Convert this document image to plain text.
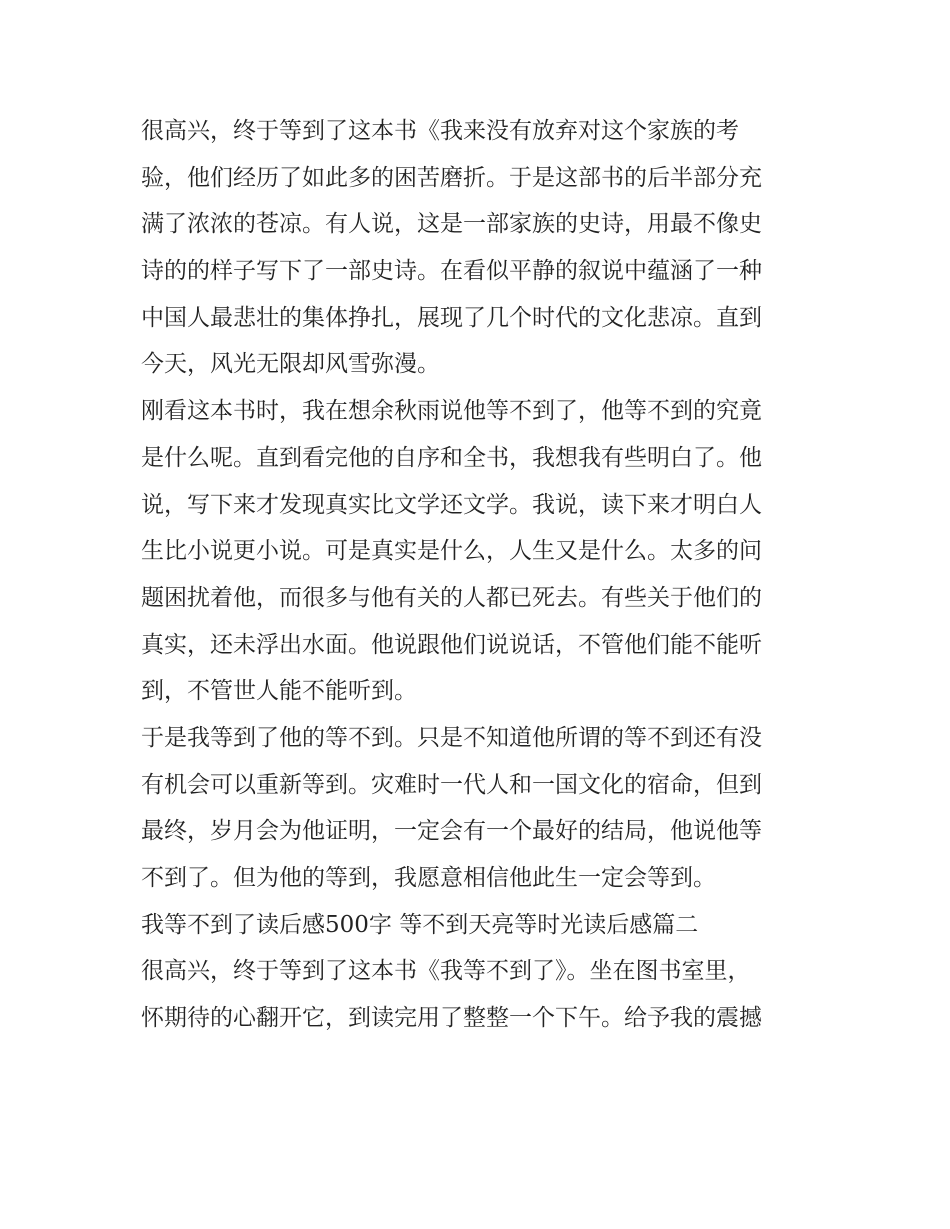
很高兴，终于等到了这本书《我来没有放弃对这个家族的考
验，他们经历了如此多的困苦磨折。于是这部书的后半部分充
满了浓浓的苍凉。有人说，这是一部家族的史诗，用最不像史
诗的的样子写下了一部史诗。在看似平静的叙说中蕴涵了一种
中国人最悲壮的集体挣扎，展现了几个时代的文化悲凉。直到
今天，风光无限却风雪弥漫。
刚看这本书时，我在想余秋雨说他等不到了，他等不到的究竟
是什么呢。直到看完他的自序和全书，我想我有些明白了。他
说，写下来才发现真实比文学还文学。我说，读下来才明白人
生比小说更小说。可是真实是什么，人生又是什么。太多的问
题困扰着他，而很多与他有关的人都已死去。有些关于他们的
真实，还未浮出水面。他说跟他们说说话，不管他们能不能听
到，不管世人能不能听到。
于是我等到了他的等不到。只是不知道他所谓的等不到还有没
有机会可以重新等到。灾难时一代人和一国文化的宿命，但到
最终，岁月会为他证明，一定会有一个最好的结局，他说他等
不到了。但为他的等到，我愿意相信他此生一定会等到。
我等不到了读后感500字 等不到天亮等时光读后感篇二
很高兴，终于等到了这本书《我等不到了》。坐在图书室里，
怀期待的心翻开它，到读完用了整整一个下午。给予我的震撼
